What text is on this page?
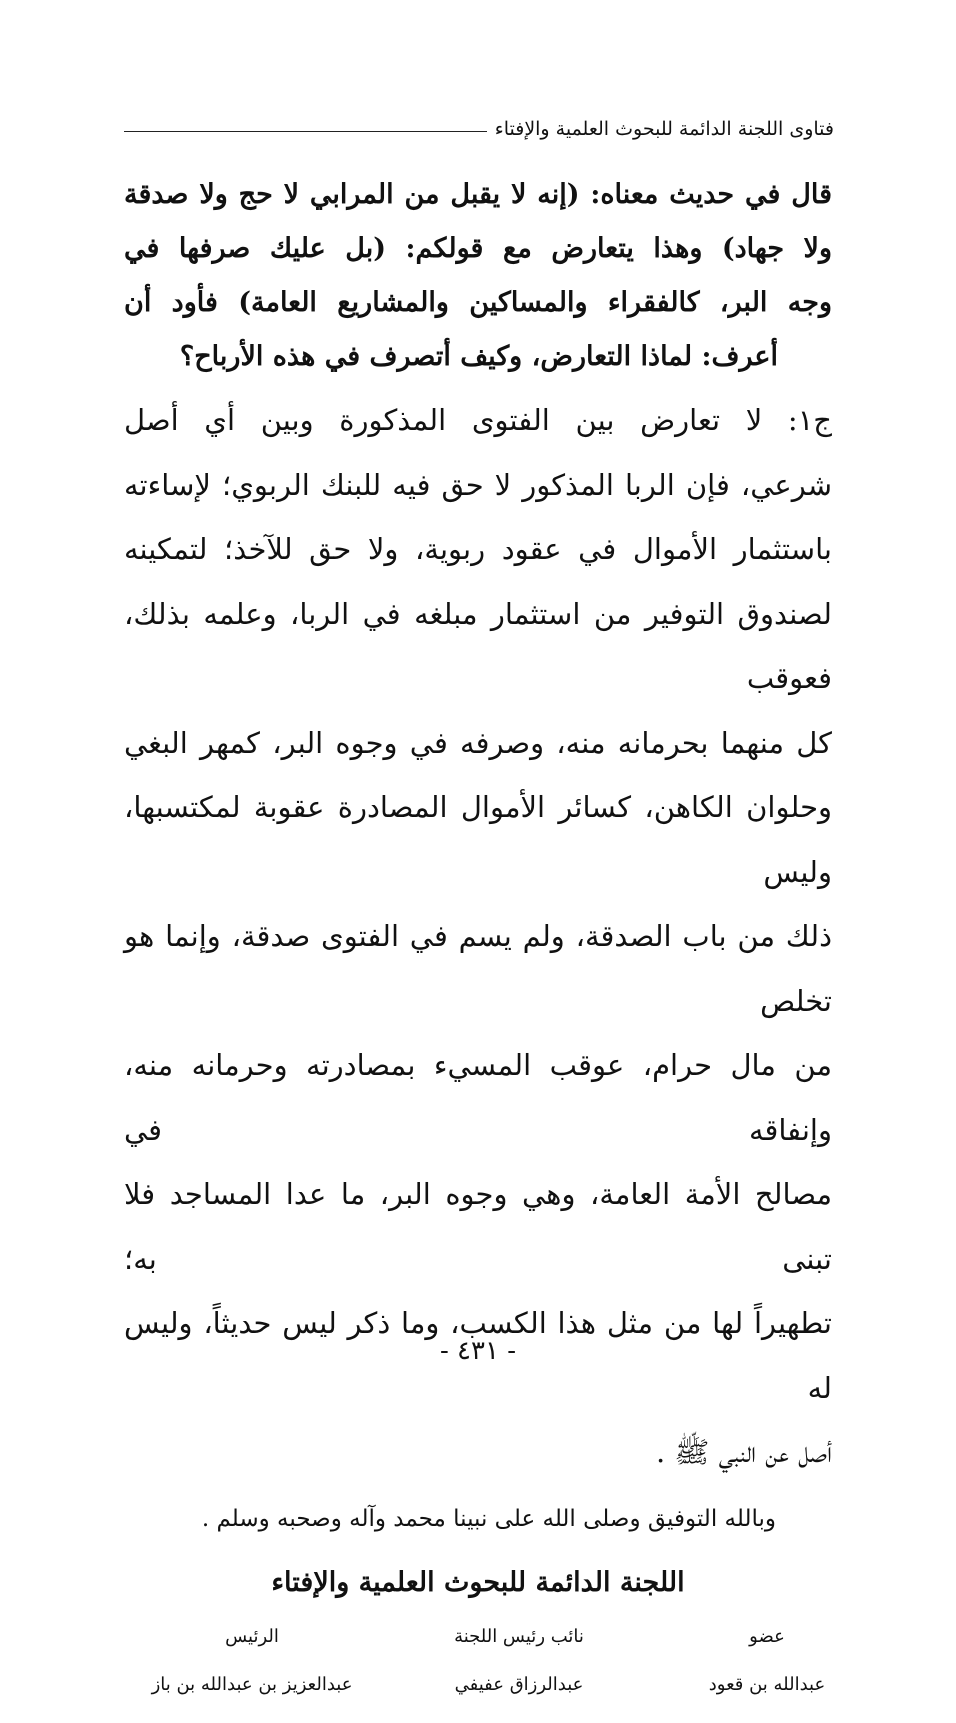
فتاوى اللجنة الدائمة للبحوث العلمية والإفتاء

قال في حديث معناه: (إنه لا يقبل من المرابي لا حج ولا صدقة

ولا جهاد) وهذا يتعارض مع قولكم: (بل عليك صرفها في

وجه البر، كالفقراء والمساكين والمشاريع العامة) فأود أن

أعرف: لماذا التعارض، وكيف أتصرف في هذه الأرباح؟

ج١: لا تعارض بين الفتوى المذكورة وبين أي أصل

شرعي، فإن الربا المذكور لا حق فيه للبنك الربوي؛ لإساءته

باستثمار الأموال في عقود ربوية، ولا حق للآخذ؛ لتمكينه

لصندوق التوفير من استثمار مبلغه في الربا، وعلمه بذلك، فعوقب

كل منهما بحرمانه منه، وصرفه في وجوه البر، كمهر البغي

وحلوان الكاهن، كسائر الأموال المصادرة عقوبة لمكتسبها، وليس

ذلك من باب الصدقة، ولم يسم في الفتوى صدقة، وإنما هو تخلص

من مال حرام، عوقب المسيء بمصادرته وحرمانه منه، وإنفاقه في

مصالح الأمة العامة، وهي وجوه البر، ما عدا المساجد فلا تبنى به؛

تطهيراً لها من مثل هذا الكسب، وما ذكر ليس حديثاً، وليس له

أصل عن النبي ﷺ .

وبالله التوفيق وصلى الله على نبينا محمد وآله وصحبه وسلم .

اللجنة الدائمة للبحوث العلمية والإفتاء

عضو
عبدالله بن قعود
نائب رئيس اللجنة
عبدالرزاق عفيفي
الرئيس
عبدالعزيز بن عبدالله بن باز
- ٤٣١ -
